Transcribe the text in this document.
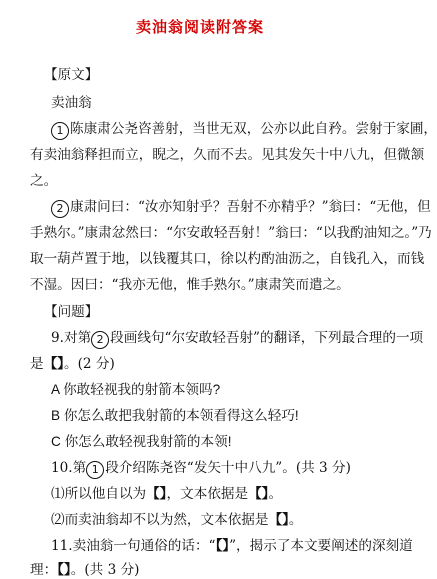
卖油翁阅读附答案
【原文】
卖油翁
1 陈康肃公尧咨善射，当世无双，公亦以此自矜。尝射于家圃，
有卖油翁释担而立，睨之，久而不去。见其发矢十中八九，但微颔
之。
2 康肃问曰：“汝亦知射乎？吾射不亦精乎？”翁曰：“无他，但
手熟尔。”康肃忿然曰：“尔安敢轻吾射！”翁曰：“以我酌油知之。”乃
取一葫芦置于地，以钱覆其口，徐以杓酌油沥之，自钱孔入，而钱
不湿。因曰：“我亦无他，惟手熟尔。”康肃笑而遣之。
【问题】
9.对第 2 段画线句“尔安敢轻吾射”的翻译，下列最合理的一项
是【】。(2 分)
A 你敢轻视我的射箭本领吗?
B 你怎么敢把我射箭的本领看得这么轻巧!
C 你怎么敢轻视我射箭的本领!
10.第 1 段介绍陈尧咨“发矢十中八九”。(共 3 分)
⑴所以他自以为【】，文本依据是【】。
⑵而卖油翁却不以为然，文本依据是【】。
11.卖油翁一句通俗的话：“【】”，揭示了本文要阐述的深刻道
理：【】。(共 3 分)
